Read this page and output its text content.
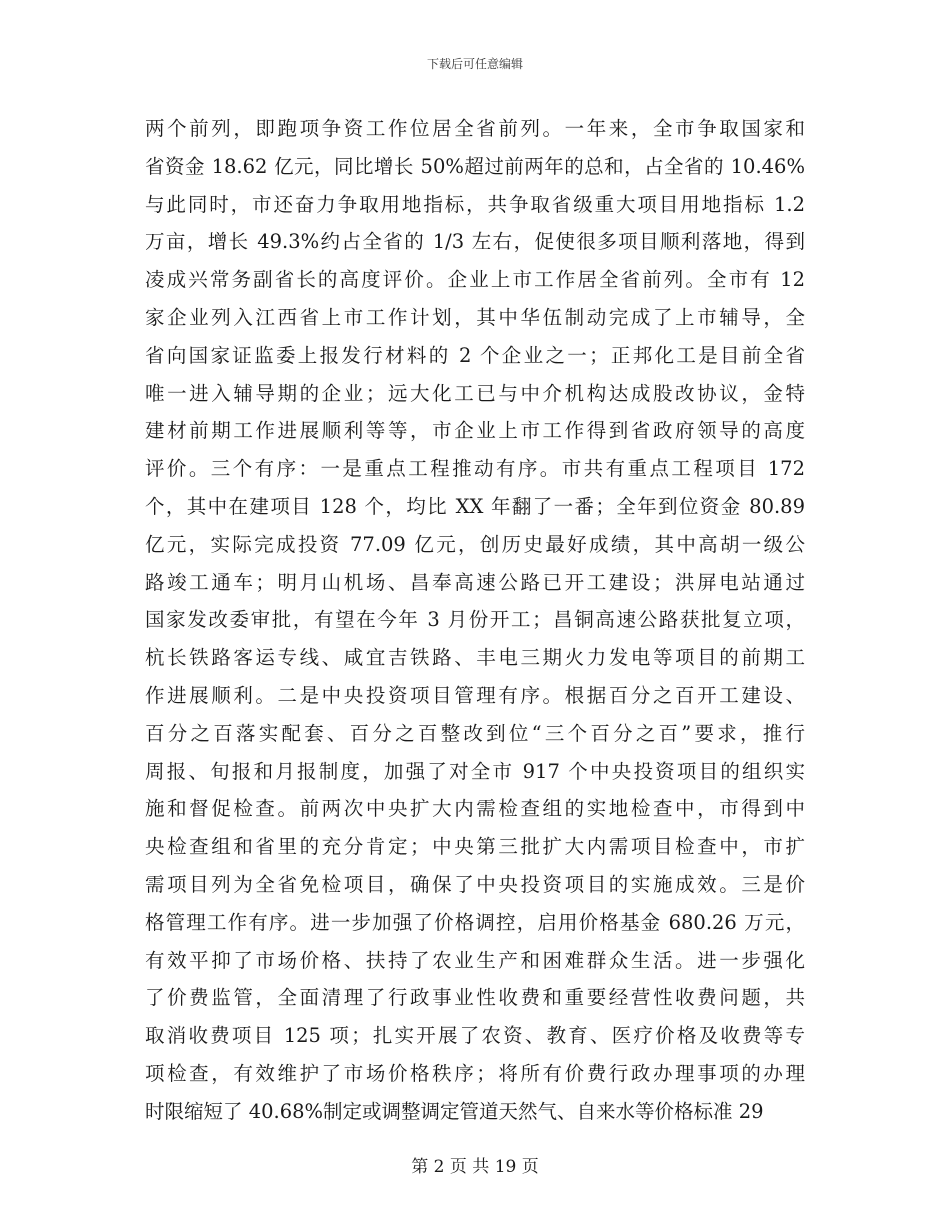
下载后可任意编辑
两个前列，即跑项争资工作位居全省前列。一年来，全市争取国家和
省资金 18.62 亿元，同比增长 50%超过前两年的总和，占全省的 10.46%
与此同时，市还奋力争取用地指标，共争取省级重大项目用地指标 1.2
万亩，增长 49.3%约占全省的 1/3 左右，促使很多项目顺利落地，得到
凌成兴常务副省长的高度评价。企业上市工作居全省前列。全市有 12
家企业列入江西省上市工作计划，其中华伍制动完成了上市辅导，全
省向国家证监委上报发行材料的 2 个企业之一；正邦化工是目前全省
唯一进入辅导期的企业；远大化工已与中介机构达成股改协议，金特
建材前期工作进展顺利等等，市企业上市工作得到省政府领导的高度
评价。三个有序：一是重点工程推动有序。市共有重点工程项目 172
个，其中在建项目 128 个，均比 XX 年翻了一番；全年到位资金 80.89
亿元，实际完成投资 77.09 亿元，创历史最好成绩，其中高胡一级公
路竣工通车；明月山机场、昌奉高速公路已开工建设；洪屏电站通过
国家发改委审批，有望在今年 3 月份开工；昌铜高速公路获批复立项，
杭长铁路客运专线、咸宜吉铁路、丰电三期火力发电等项目的前期工
作进展顺利。二是中央投资项目管理有序。根据百分之百开工建设、
百分之百落实配套、百分之百整改到位“三个百分之百”要求，推行
周报、旬报和月报制度，加强了对全市 917 个中央投资项目的组织实
施和督促检查。前两次中央扩大内需检查组的实地检查中，市得到中
央检查组和省里的充分肯定；中央第三批扩大内需项目检查中，市扩
需项目列为全省免检项目，确保了中央投资项目的实施成效。三是价
格管理工作有序。进一步加强了价格调控，启用价格基金 680.26 万元，
有效平抑了市场价格、扶持了农业生产和困难群众生活。进一步强化
了价费监管，全面清理了行政事业性收费和重要经营性收费问题，共
取消收费项目 125 项；扎实开展了农资、教育、医疗价格及收费等专
项检查，有效维护了市场价格秩序；将所有价费行政办理事项的办理
时限缩短了 40.68%制定或调整调定管道天然气、自来水等价格标准 29
第 2 页 共 19 页
